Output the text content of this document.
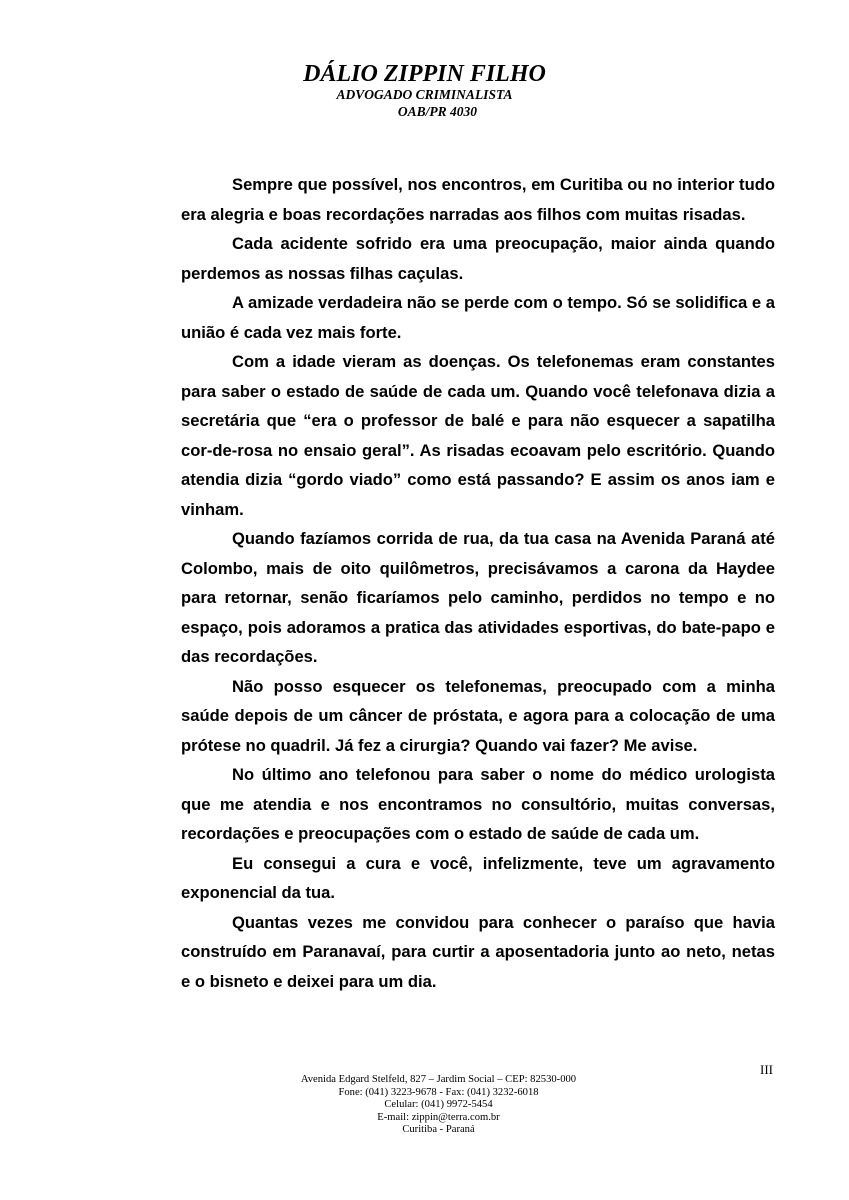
DÁLIO ZIPPIN FILHO
ADVOGADO CRIMINALISTA
OAB/PR 4030

Sempre que possível, nos encontros, em Curitiba ou no interior tudo era alegria e boas recordações narradas aos filhos com muitas risadas.

Cada acidente sofrido era uma preocupação, maior ainda quando perdemos as nossas filhas caçulas.

A amizade verdadeira não se perde com o tempo. Só se solidifica e a união é cada vez mais forte.

Com a idade vieram as doenças. Os telefonemas eram constantes para saber o estado de saúde de cada um. Quando você telefonava dizia a secretária que “era o professor de balé e para não esquecer a sapatilha cor-de-rosa no ensaio geral”. As risadas ecoavam pelo escritório. Quando atendia dizia “gordo viado” como está passando? E assim os anos iam e vinham.

Quando fazíamos corrida de rua, da tua casa na Avenida Paraná até Colombo, mais de oito quilômetros, precisávamos a carona da Haydee para retornar, senão ficaríamos pelo caminho, perdidos no tempo e no espaço, pois adoramos a pratica das atividades esportivas, do bate-papo e das recordações.

Não posso esquecer os telefonemas, preocupado com a minha saúde depois de um câncer de próstata, e agora para a colocação de uma prótese no quadril. Já fez a cirurgia? Quando vai fazer? Me avise.

No último ano telefonou para saber o nome do médico urologista que me atendia e nos encontramos no consultório, muitas conversas, recordações e preocupações com o estado de saúde de cada um.

Eu consegui a cura e você, infelizmente, teve um agravamento exponencial da tua.

Quantas vezes me convidou para conhecer o paraíso que havia construído em Paranavaí, para curtir a aposentadoria junto ao neto, netas e o bisneto e deixei para um dia.

III
Avenida Edgard Stelfeld, 827 – Jardim Social – CEP: 82530-000
Fone: (041) 3223-9678 - Fax: (041) 3232-6018
Celular: (041) 9972-5454
E-mail: zippin@terra.com.br
Curitiba - Paraná
